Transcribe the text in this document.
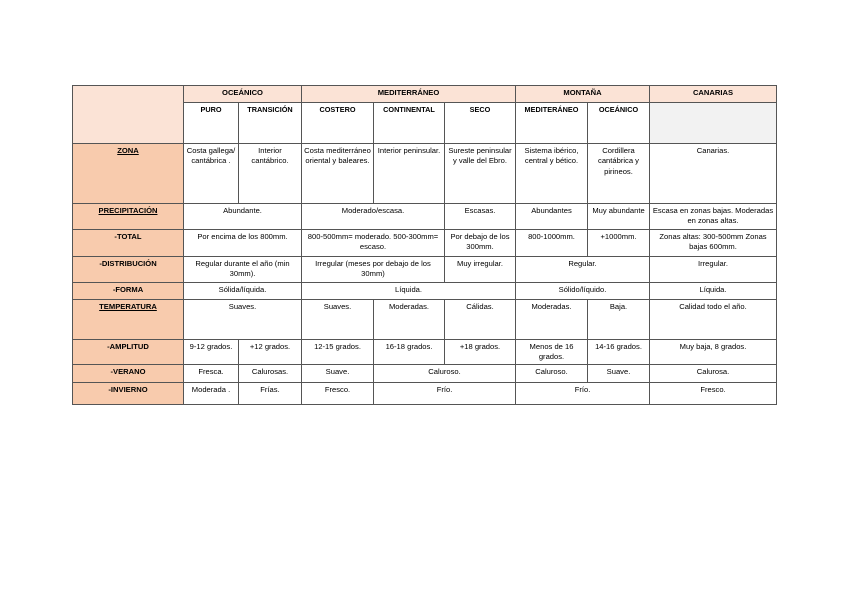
	OCEÁNICO		MEDITERRÁNEO			MONTAÑA		CANARIAS
	PURO	TRANSICIÓN	COSTERO	CONTINENTAL	SECO	MEDITERÁNEO	OCEÁNICO	
ZONA	Costa gallega/ cantábrica .	Interior cantábrico.	Costa mediterráneo oriental y baleares.	Interior peninsular.	Sureste peninsular y valle del Ebro.	Sistema ibérico, central y bético.	Cordillera cantábrica y pirineos.	Canarias.
PRECIPITACIÓN	Abundante.		Moderado/escasa.		Escasas.	Abundantes	Muy abundante	Escasa en zonas bajas. Moderadas en zonas altas.
-TOTAL	Por encima de los 800mm.		800-500mm= moderado. 500-300mm= escaso.		Por debajo de los 300mm.	800-1000mm.	+1000mm.	Zonas altas: 300-500mm Zonas bajas 600mm.
-DISTRIBUCIÓN	Regular durante el año (min 30mm).		Irregular (meses por debajo de los 30mm)		Muy irregular.	Regular.		Irregular.
-FORMA	Sólida/líquida.		Líquida.			Sólido/líquido.		Líquida.
TEMPERATURA	Suaves.		Suaves.	Moderadas.	Cálidas.	Moderadas.	Baja.	Calidad todo el año.
-AMPLITUD	9-12 grados.	+12 grados.	12-15 grados.	16-18 grados.	+18 grados.	Menos de 16 grados.	14-16 grados.	Muy baja, 8 grados.
-VERANO	Fresca.	Calurosas.	Suave.	Caluroso.		Caluroso.	Suave.	Calurosa.
-INVIERNO	Moderada .	Frías.	Fresco.	Frío.		Frío.		Fresco.
